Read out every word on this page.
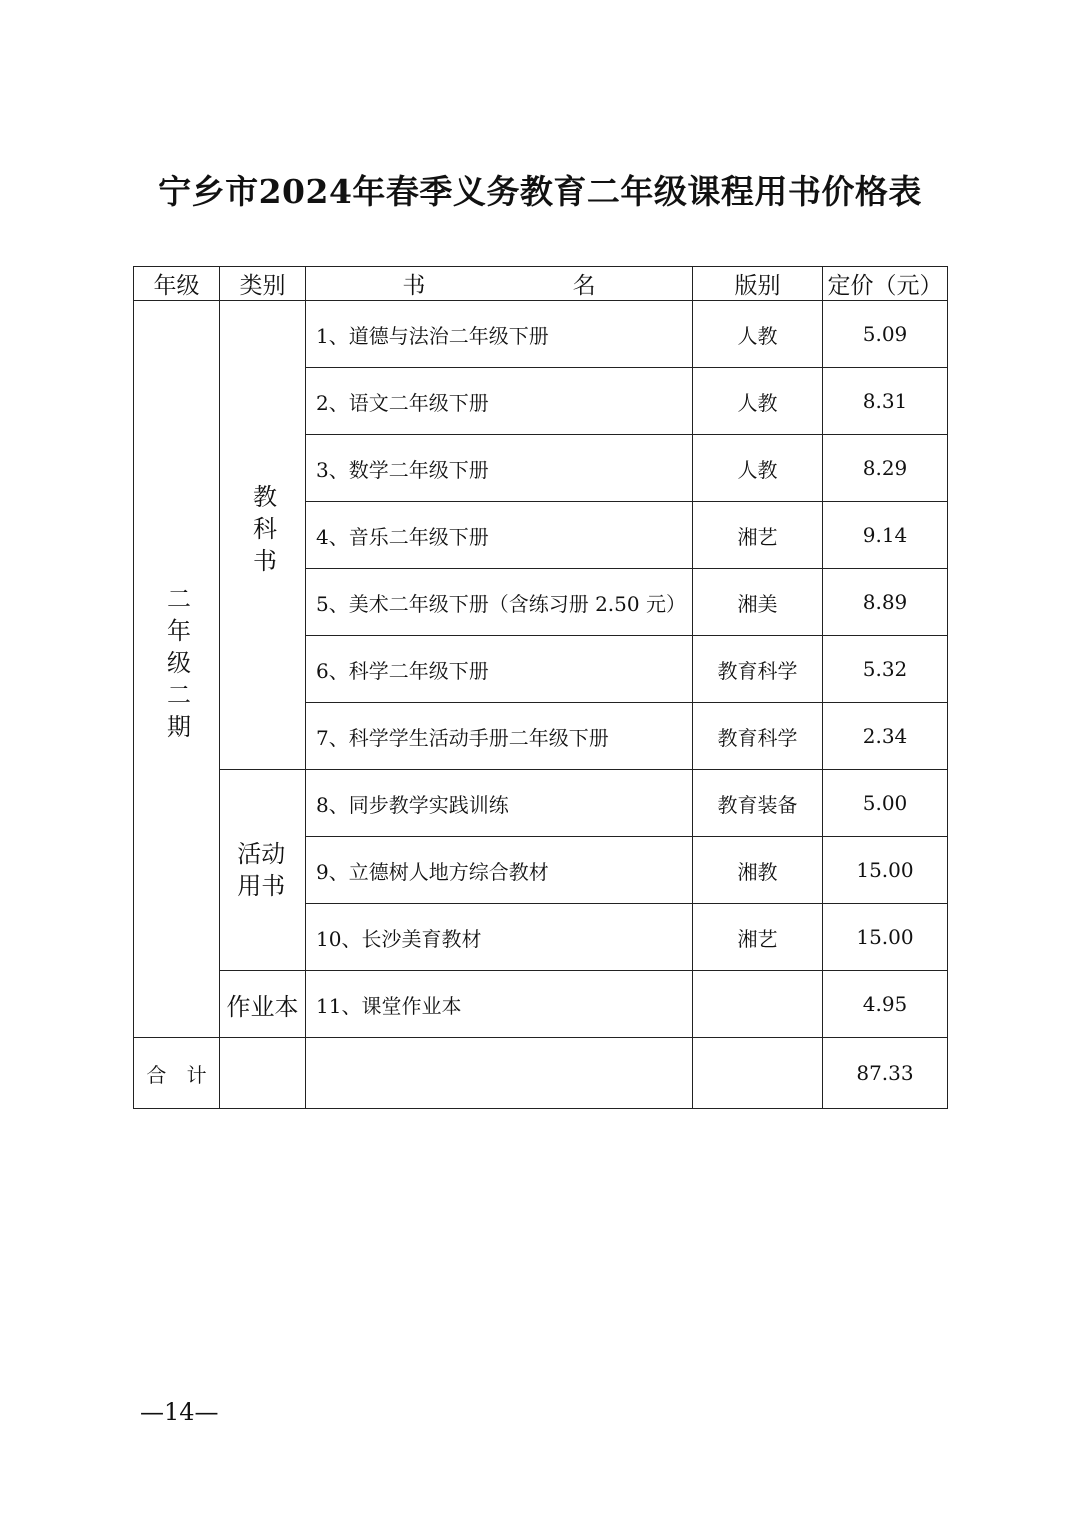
宁乡市2024年春季义务教育二年级课程用书价格表
年级	类别	书 名	版别	定价（元）
二年级二期	教科书	1、道德与法治二年级下册	人教	5.09
		2、语文二年级下册	人教	8.31
		3、数学二年级下册	人教	8.29
		4、音乐二年级下册	湘艺	9.14
		5、美术二年级下册（含练习册 2.50 元）	湘美	8.89
		6、科学二年级下册	教育科学	5.32
		7、科学学生活动手册二年级下册	教育科学	2.34
	活动用书	8、同步教学实践训练	教育装备	5.00
		9、立德树人地方综合教材	湘教	15.00
		10、长沙美育教材	湘艺	15.00
	作业本	11、课堂作业本		4.95
合 计				87.33
—14—
